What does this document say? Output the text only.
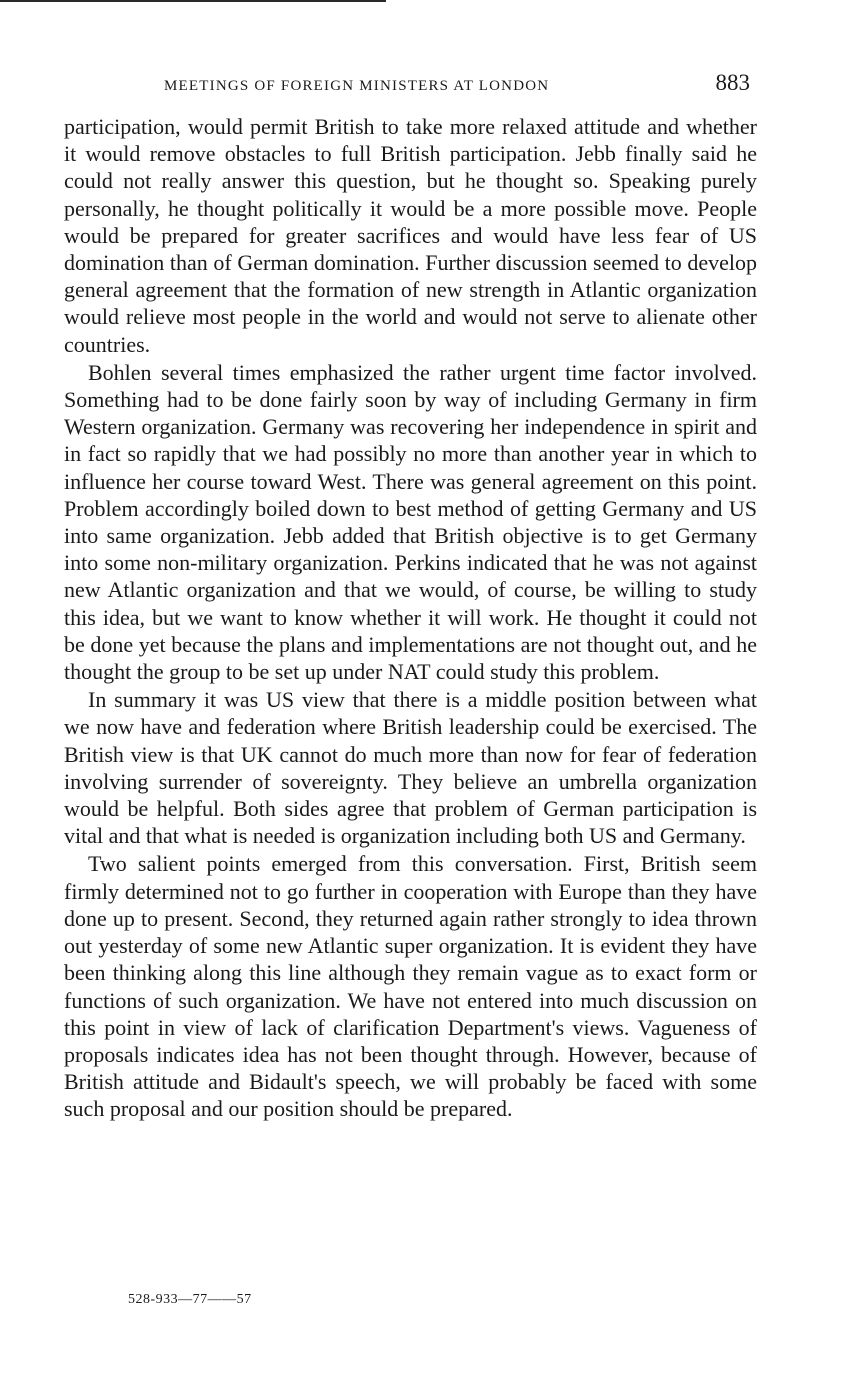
MEETINGS OF FOREIGN MINISTERS AT LONDON	883

participation, would permit British to take more relaxed attitude and whether it would remove obstacles to full British participation. Jebb finally said he could not really answer this question, but he thought so. Speaking purely personally, he thought politically it would be a more possible move. People would be prepared for greater sacrifices and would have less fear of US domination than of German domination. Further discussion seemed to develop general agreement that the formation of new strength in Atlantic organization would relieve most people in the world and would not serve to alienate other countries.

Bohlen several times emphasized the rather urgent time factor involved. Something had to be done fairly soon by way of including Germany in firm Western organization. Germany was recovering her independence in spirit and in fact so rapidly that we had possibly no more than another year in which to influence her course toward West. There was general agreement on this point. Problem accordingly boiled down to best method of getting Germany and US into same organization. Jebb added that British objective is to get Germany into some non-military organization. Perkins indicated that he was not against new Atlantic organization and that we would, of course, be willing to study this idea, but we want to know whether it will work. He thought it could not be done yet because the plans and implementations are not thought out, and he thought the group to be set up under NAT could study this problem.

In summary it was US view that there is a middle position between what we now have and federation where British leadership could be exercised. The British view is that UK cannot do much more than now for fear of federation involving surrender of sovereignty. They believe an umbrella organization would be helpful. Both sides agree that problem of German participation is vital and that what is needed is organization including both US and Germany.

Two salient points emerged from this conversation. First, British seem firmly determined not to go further in cooperation with Europe than they have done up to present. Second, they returned again rather strongly to idea thrown out yesterday of some new Atlantic super organization. It is evident they have been thinking along this line although they remain vague as to exact form or functions of such organization. We have not entered into much discussion on this point in view of lack of clarification Department's views. Vagueness of proposals indicates idea has not been thought through. However, because of British attitude and Bidault's speech, we will probably be faced with some such proposal and our position should be prepared.

528-933—77——57
